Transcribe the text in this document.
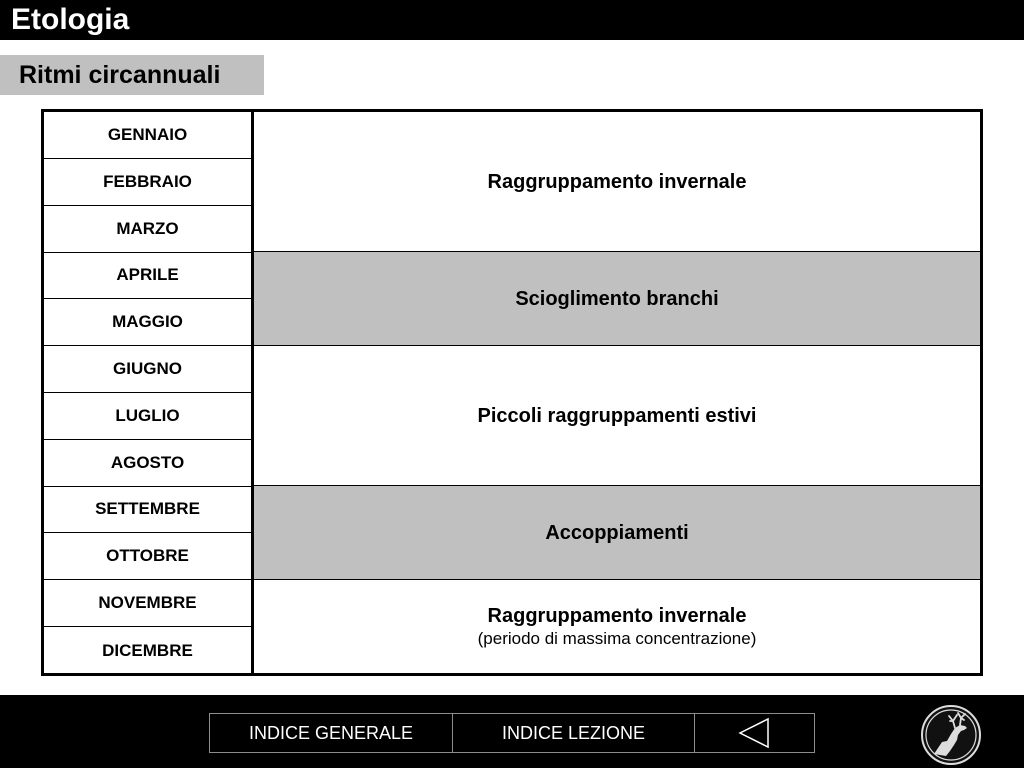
Etologia
Ritmi circannuali
GENNAIO
FEBBRAIO
MARZO
APRILE
MAGGIO
GIUGNO
LUGLIO
AGOSTO
SETTEMBRE
OTTOBRE
NOVEMBRE
DICEMBRE
Raggruppamento invernale
Scioglimento branchi
Piccoli raggruppamenti estivi
Accoppiamenti
Raggruppamento invernale
(periodo di massima concentrazione)
INDICE GENERALE	INDICE LEZIONE
